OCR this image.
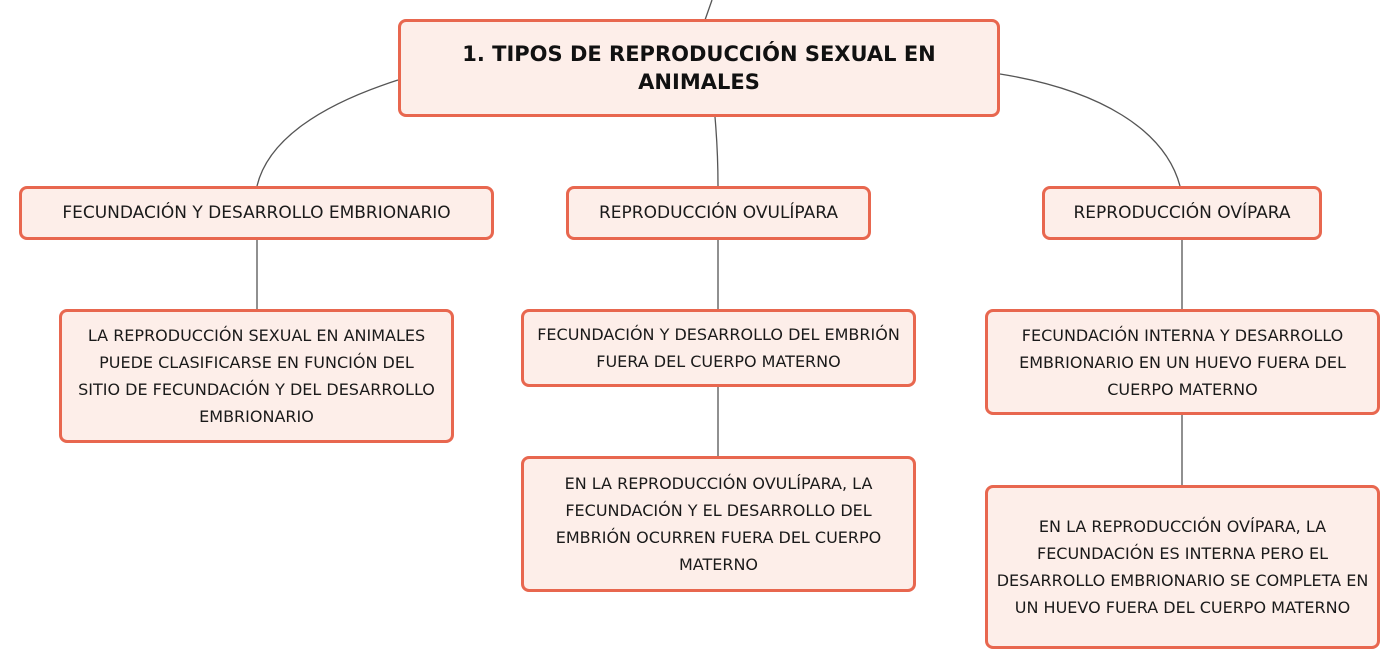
1. TIPOS DE REPRODUCCIÓN SEXUAL EN ANIMALES
FECUNDACIÓN Y DESARROLLO EMBRIONARIO	REPRODUCCIÓN OVULÍPARA	REPRODUCCIÓN OVÍPARA
LA REPRODUCCIÓN SEXUAL EN ANIMALES PUEDE CLASIFICARSE EN FUNCIÓN DEL SITIO DE FECUNDACIÓN Y DEL DESARROLLO EMBRIONARIO
FECUNDACIÓN Y DESARROLLO DEL EMBRIÓN FUERA DEL CUERPO MATERNO
EN LA REPRODUCCIÓN OVULÍPARA, LA FECUNDACIÓN Y EL DESARROLLO DEL EMBRIÓN OCURREN FUERA DEL CUERPO MATERNO
FECUNDACIÓN INTERNA Y DESARROLLO EMBRIONARIO EN UN HUEVO FUERA DEL CUERPO MATERNO
EN LA REPRODUCCIÓN OVÍPARA, LA FECUNDACIÓN ES INTERNA PERO EL DESARROLLO EMBRIONARIO SE COMPLETA EN UN HUEVO FUERA DEL CUERPO MATERNO
